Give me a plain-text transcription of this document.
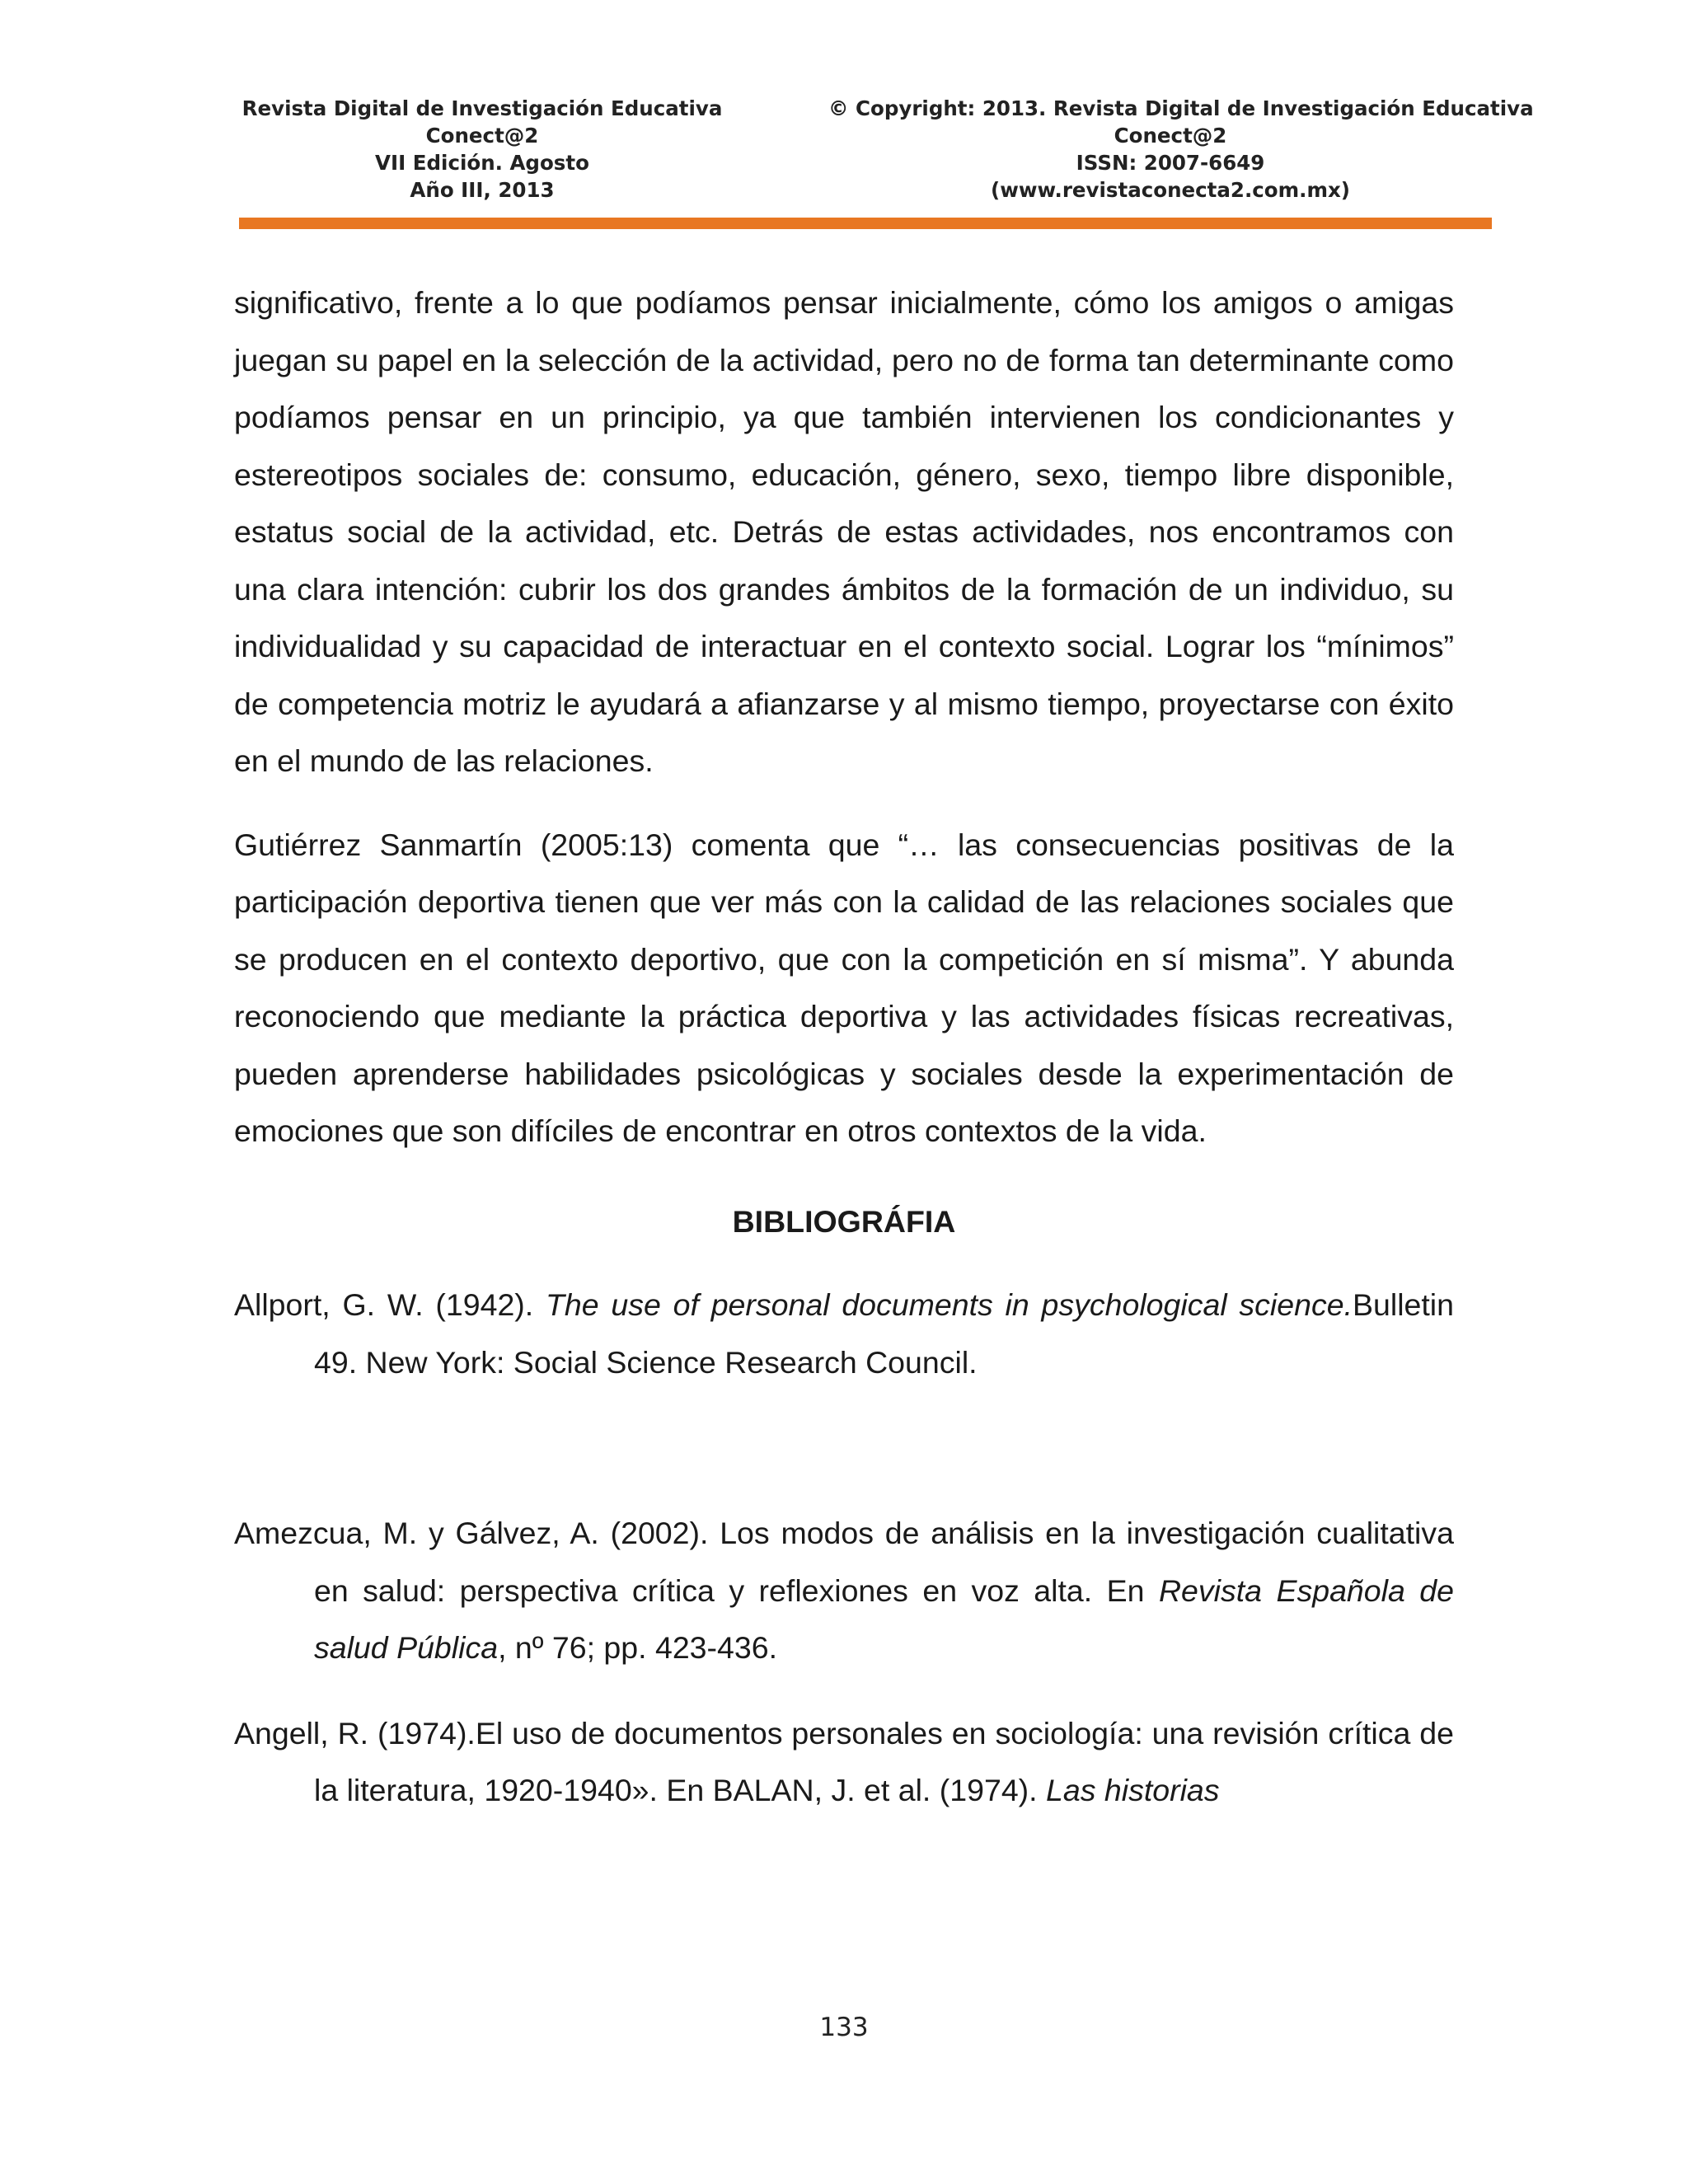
Revista Digital de Investigación Educativa
Conect@2
VII Edición. Agosto
Año III, 2013
© Copyright: 2013. Revista Digital de Investigación Educativa
Conect@2
ISSN: 2007-6649
(www.revistaconecta2.com.mx)

significativo, frente a lo que podíamos pensar inicialmente, cómo los amigos o amigas juegan su papel en la selección de la actividad, pero no de forma tan determinante como podíamos pensar en un principio, ya que también intervienen los condicionantes y estereotipos sociales de: consumo, educación, género, sexo, tiempo libre disponible, estatus social de la actividad, etc. Detrás de estas actividades, nos encontramos con una clara intención: cubrir los dos grandes ámbitos de la formación de un individuo, su individualidad y su capacidad de interactuar en el contexto social. Lograr los “mínimos” de competencia motriz le ayudará a afianzarse y al mismo tiempo, proyectarse con éxito en el mundo de las relaciones.

Gutiérrez Sanmartín (2005:13) comenta que “… las consecuencias positivas de la participación deportiva tienen que ver más con la calidad de las relaciones sociales que se producen en el contexto deportivo, que con la competición en sí misma”. Y abunda reconociendo que mediante la práctica deportiva y las actividades físicas recreativas, pueden aprenderse habilidades psicológicas y sociales desde la experimentación de emociones que son difíciles de encontrar en otros contextos de la vida.

BIBLIOGRÁFIA

Allport, G. W. (1942). The use of personal documents in psychological science.Bulletin 49. New York: Social Science Research Council.

Amezcua, M. y Gálvez, A. (2002). Los modos de análisis en la investigación cualitativa en salud: perspectiva crítica y reflexiones en voz alta. En Revista Española de salud Pública, nº 76; pp. 423-436.

Angell, R. (1974).El uso de documentos personales en sociología: una revisión crítica de la literatura, 1920-1940». En BALAN, J. et al. (1974). Las historias

133
